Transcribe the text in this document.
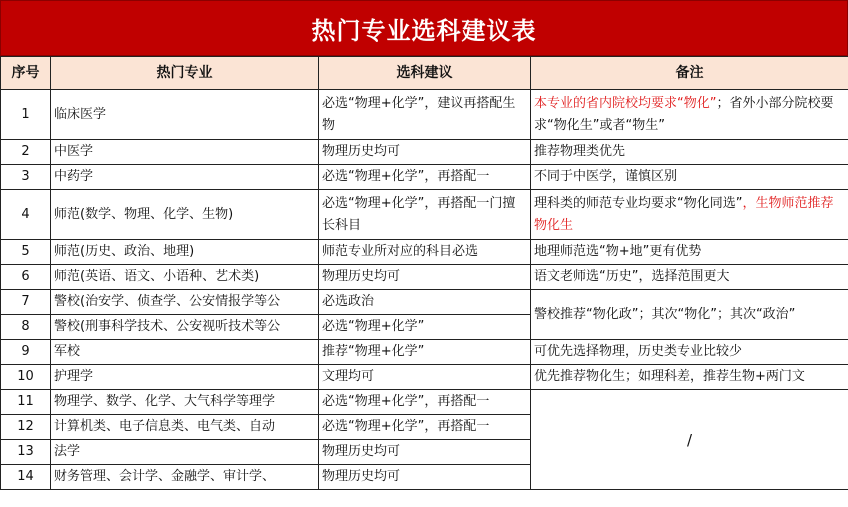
热门专业选科建议表
序号	热门专业	选科建议	备注
1	临床医学	必选“物理+化学”，建议再搭配生物	本专业的省内院校均要求“物化”；省外小部分院校要求“物化生”或者“物生”
2	中医学	物理历史均可	推荐物理类优先
3	中药学	必选“物理+化学”，再搭配一	不同于中医学，谨慎区别
4	师范(数学、物理、化学、生物)	必选“物理+化学”，再搭配一门擅长科目	理科类的师范专业均要求“物化同选”，生物师范推荐物化生
5	师范(历史、政治、地理)	师范专业所对应的科目必选	地理师范选“物+地”更有优势
6	师范(英语、语文、小语种、艺术类)	物理历史均可	语文老师选“历史”，选择范围更大
7	警校(治安学、侦查学、公安情报学等公	必选政治	警校推荐“物化政”；其次“物化”；其次“政治”
8	警校(刑事科学技术、公安视听技术等公	必选“物理+化学”	
9	军校	推荐“物理+化学”	可优先选择物理，历史类专业比较少
10	护理学	文理均可	优先推荐物化生；如理科差，推荐生物+两门文
11	物理学、数学、化学、大气科学等理学	必选“物理+化学”，再搭配一	/
12	计算机类、电子信息类、电气类、自动	必选“物理+化学”，再搭配一	
13	法学	物理历史均可	
14	财务管理、会计学、金融学、审计学、	物理历史均可	
